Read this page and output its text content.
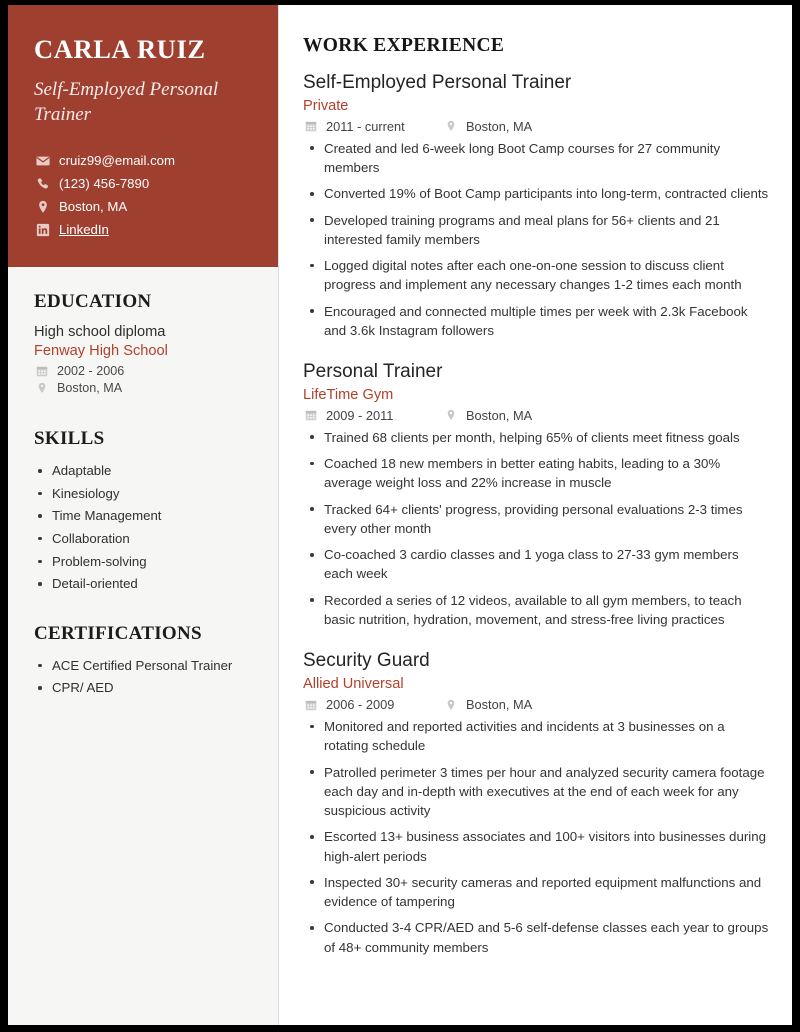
CARLA RUIZ
Self-Employed Personal Trainer
cruiz99@email.com
(123) 456-7890
Boston, MA
LinkedIn
EDUCATION
High school diploma
Fenway High School
2002 - 2006
Boston, MA
SKILLS
Adaptable
Kinesiology
Time Management
Collaboration
Problem-solving
Detail-oriented
CERTIFICATIONS
ACE Certified Personal Trainer
CPR/ AED
WORK EXPERIENCE
Self-Employed Personal Trainer
Private
2011 - current	Boston, MA
Created and led 6-week long Boot Camp courses for 27 community members
Converted 19% of Boot Camp participants into long-term, contracted clients
Developed training programs and meal plans for 56+ clients and 21 interested family members
Logged digital notes after each one-on-one session to discuss client progress and implement any necessary changes 1-2 times each month
Encouraged and connected multiple times per week with 2.3k Facebook and 3.6k Instagram followers
Personal Trainer
LifeTime Gym
2009 - 2011	Boston, MA
Trained 68 clients per month, helping 65% of clients meet fitness goals
Coached 18 new members in better eating habits, leading to a 30% average weight loss and 22% increase in muscle
Tracked 64+ clients' progress, providing personal evaluations 2-3 times every other month
Co-coached 3 cardio classes and 1 yoga class to 27-33 gym members each week
Recorded a series of 12 videos, available to all gym members, to teach basic nutrition, hydration, movement, and stress-free living practices
Security Guard
Allied Universal
2006 - 2009	Boston, MA
Monitored and reported activities and incidents at 3 businesses on a rotating schedule
Patrolled perimeter 3 times per hour and analyzed security camera footage each day and in-depth with executives at the end of each week for any suspicious activity
Escorted 13+ business associates and 100+ visitors into businesses during high-alert periods
Inspected 30+ security cameras and reported equipment malfunctions and evidence of tampering
Conducted 3-4 CPR/AED and 5-6 self-defense classes each year to groups of 48+ community members
